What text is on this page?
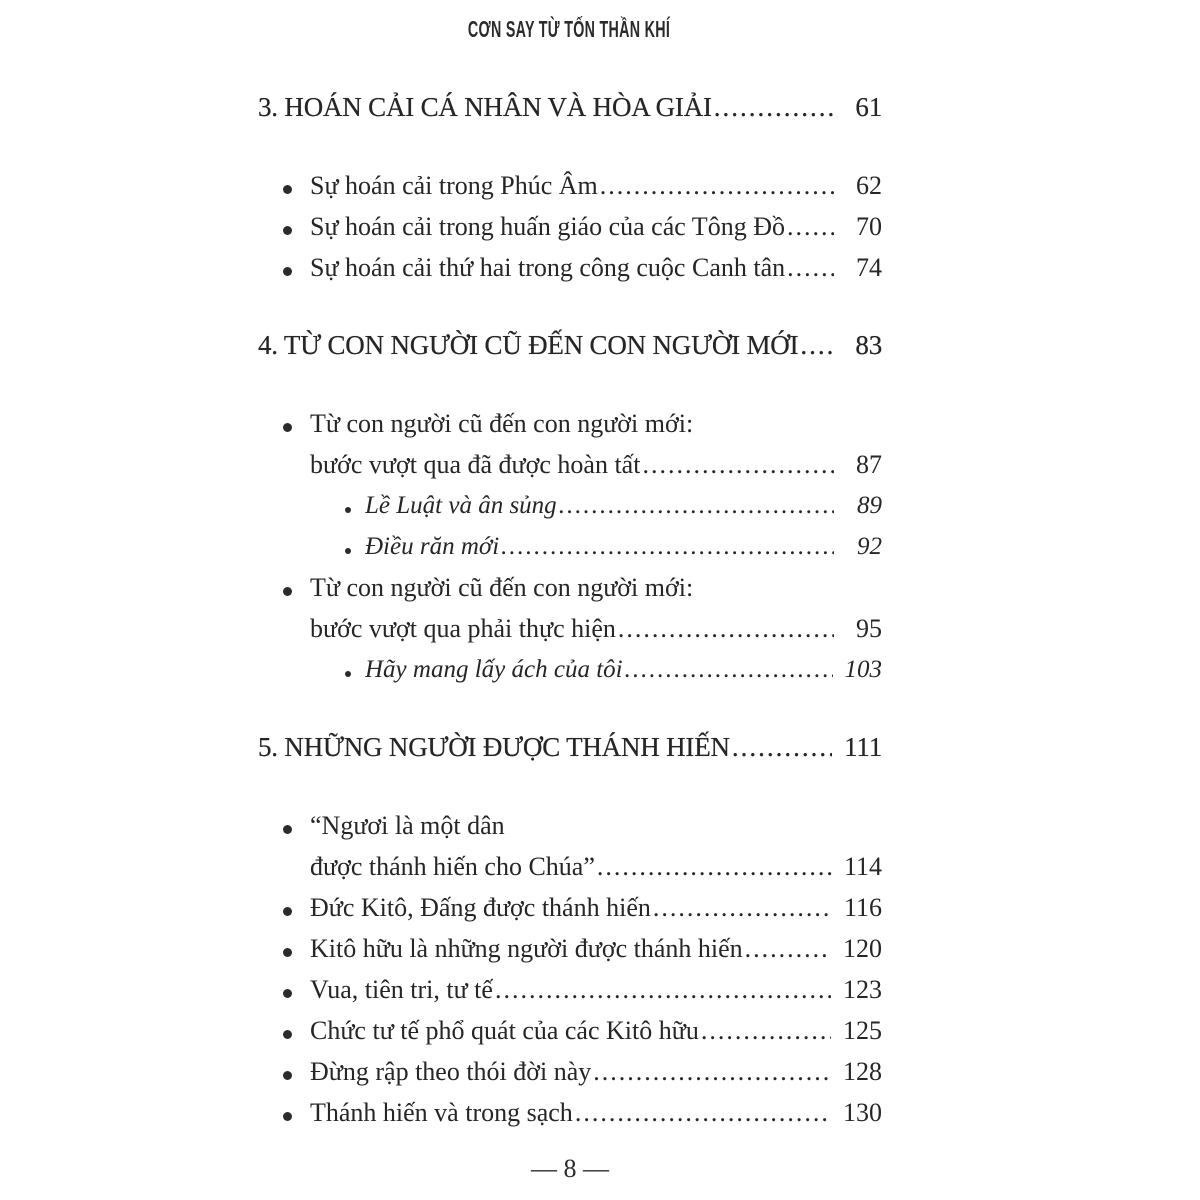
CƠN SAY TỪ TỐN THẦN KHÍ
3. HOÁN CẢI CÁ NHÂN VÀ HÒA GIẢI .....	61
Sự hoán cải trong Phúc Âm .....	62
Sự hoán cải trong huấn giáo của các Tông Đồ .....	70
Sự hoán cải thứ hai trong công cuộc Canh tân .....	74
4. TỪ CON NGƯỜI CŨ ĐẾN CON NGƯỜI MỚI .....	83
Từ con người cũ đến con người mới:
bước vượt qua đã được hoàn tất .....	87
Lề Luật và ân sủng .....	89
Điều răn mới .....	92
Từ con người cũ đến con người mới:
bước vượt qua phải thực hiện .....	95
Hãy mang lấy ách của tôi .....	103
5. NHỮNG NGƯỜI ĐƯỢC THÁNH HIẾN .....	111
“Ngươi là một dân
được thánh hiến cho Chúa” .....	114
Đức Kitô, Đấng được thánh hiến .....	116
Kitô hữu là những người được thánh hiến .....	120
Vua, tiên tri, tư tế .....	123
Chức tư tế phổ quát của các Kitô hữu .....	125
Đừng rập theo thói đời này .....	128
Thánh hiến và trong sạch .....	130
— 8 —
